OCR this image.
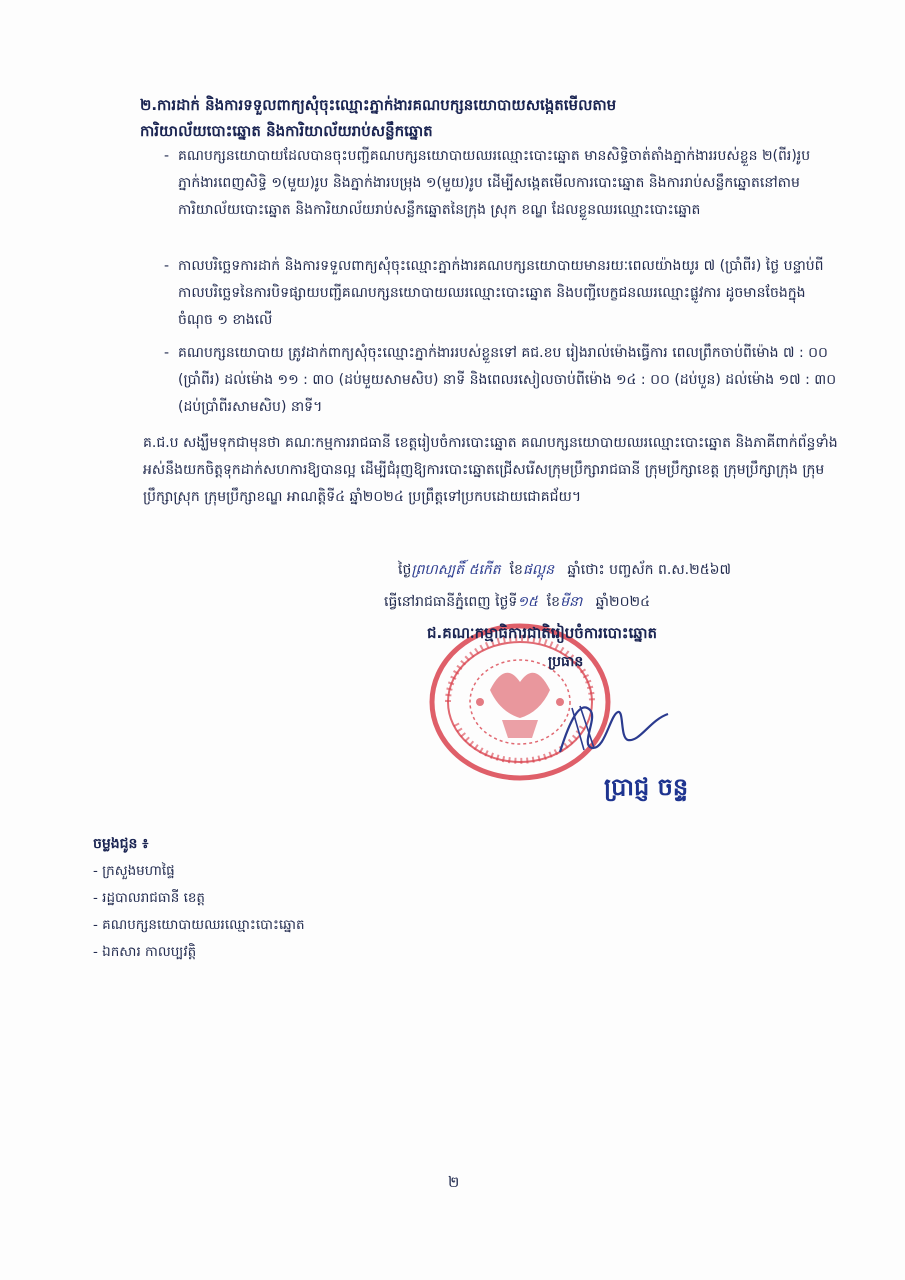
២.ការដាក់ និងការទទួលពាក្យសុំចុះឈ្មោះភ្នាក់ងារគណបក្សនយោបាយសង្កេតមើលតាម
ការិយាល័យបោះឆ្នោត និងការិយាល័យរាប់សន្លឹកឆ្នោត
- គណបក្សនយោបាយដែលបានចុះបញ្ជីគណបក្សនយោបាយឈរឈ្មោះបោះឆ្នោត មានសិទ្ធិចាត់តាំងភ្នាក់ងាររបស់ខ្លួន ២(ពីរ)រូប ភ្នាក់ងារពេញសិទ្ធិ ១(មួយ)រូប និងភ្នាក់ងារបម្រុង ១(មួយ)រូប ដើម្បីសង្កេតមើលការបោះឆ្នោត និងការរាប់សន្លឹកឆ្នោតនៅតាមការិយាល័យបោះឆ្នោត និងការិយាល័យរាប់សន្លឹកឆ្នោតនៃក្រុង ស្រុក ខណ្ឌ ដែលខ្លួនឈរឈ្មោះបោះឆ្នោត
- កាលបរិច្ឆេទការដាក់ និងការទទួលពាក្យសុំចុះឈ្មោះភ្នាក់ងារគណបក្សនយោបាយមានរយៈពេលយ៉ាងយូរ ៧ (ប្រាំពីរ) ថ្ងៃ បន្ទាប់ពីកាលបរិច្ឆេទនៃការបិទផ្សាយបញ្ជីគណបក្សនយោបាយឈរឈ្មោះបោះឆ្នោត និងបញ្ជីបេក្ខជនឈរឈ្មោះផ្លូវការ ដូចមានចែងក្នុងចំណុច ១ ខាងលើ
- គណបក្សនយោបាយ ត្រូវដាក់ពាក្យសុំចុះឈ្មោះភ្នាក់ងាររបស់ខ្លួនទៅ គជ.ខប រៀងរាល់ម៉ោងធ្វើការ ពេលព្រឹកចាប់ពីម៉ោង ៧ : ០០ (ប្រាំពីរ) ដល់ម៉ោង ១១ : ៣០ (ដប់មួយសាមសិប) នាទី និងពេលរសៀលចាប់ពីម៉ោង ១៤ : ០០ (ដប់បួន) ដល់ម៉ោង ១៧ : ៣០ (ដប់ប្រាំពីរសាមសិប) នាទី។
គ.ជ.ប សង្ឃឹមទុកជាមុនថា គណៈកម្មការរាជធានី ខេត្តរៀបចំការបោះឆ្នោត គណបក្សនយោបាយឈរឈ្មោះបោះឆ្នោត និងភាគីពាក់ព័ន្ធទាំងអស់នឹងយកចិត្តទុកដាក់សហការឱ្យបានល្អ ដើម្បីជំរុញឱ្យការបោះឆ្នោតជ្រើសរើសក្រុមប្រឹក្សារាជធានី ក្រុមប្រឹក្សាខេត្ត ក្រុមប្រឹក្សាក្រុង ក្រុមប្រឹក្សាស្រុក ក្រុមប្រឹក្សាខណ្ឌ អាណត្តិទី៤ ឆ្នាំ២០២៤ ប្រព្រឹត្តទៅប្រកបដោយជោគជ័យ។
ថ្ងៃព្រហស្បតិ៍ ៥កើត ខែផល្គុន ឆ្នាំថោះ បញ្ចស័ក ព.ស.២៥៦៧
ធ្វើនៅរាជធានីភ្នំពេញ ថ្ងៃទី១៥ ខែមីនា ឆ្នាំ២០២៤
ជ.គណៈកម្មាធិការជាតិរៀបចំការបោះឆ្នោត
ប្រធាន
ប្រាជ្ញ ចន្ទ
ចម្លងជូន ៖
- ក្រសួងមហាផ្ទៃ
- រដ្ឋបាលរាជធានី ខេត្ត
- គណបក្សនយោបាយឈរឈ្មោះបោះឆ្នោត
- ឯកសារ កាលប្បវត្តិ
២
